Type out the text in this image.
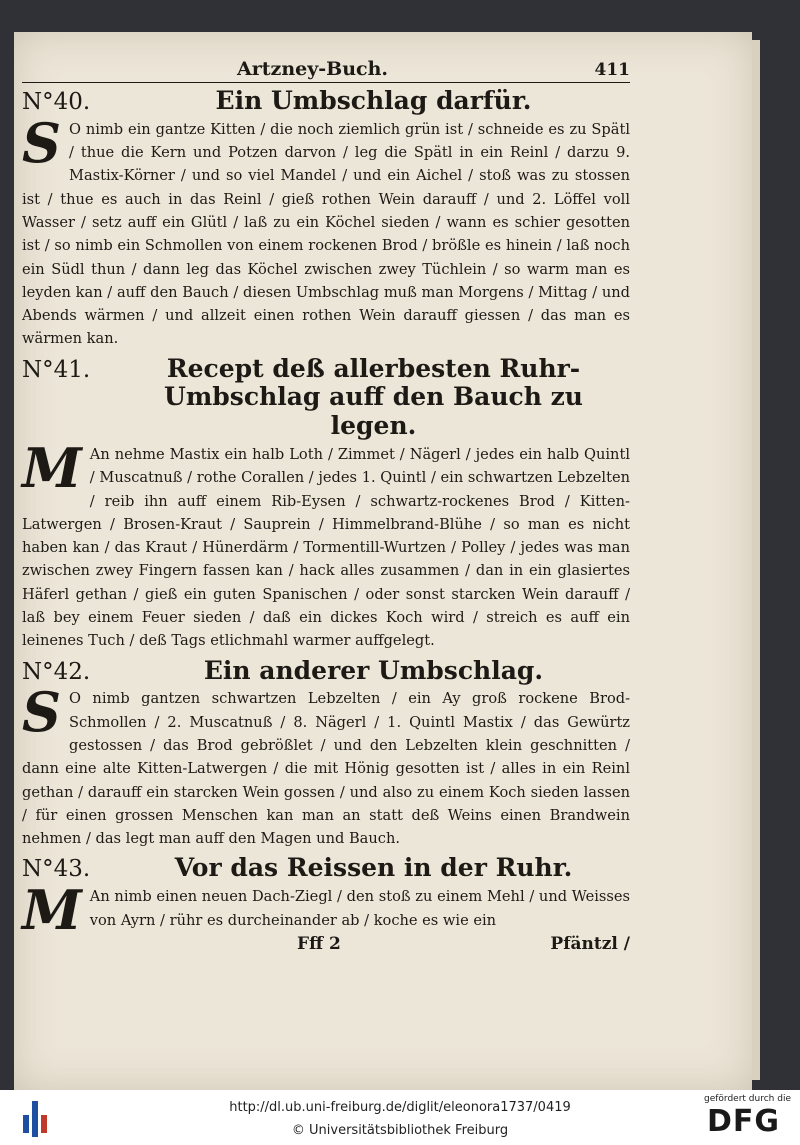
Artzney-Buch.	411
N°40.	Ein Umbschlag darfür.
S O nimb ein gantze Kitten / die noch ziemlich grün ist / schneide es zu Spätl / thue die Kern und Potzen darvon / leg die Spätl in ein Reinl / darzu 9. Mastix-Körner / und so viel Mandel / und ein Aichel / stoß was zu stossen ist / thue es auch in das Reinl / gieß rothen Wein darauff / und 2. Löffel voll Wasser / setz auff ein Glütl / laß zu ein Köchel sieden / wann es schier gesotten ist / so nimb ein Schmollen von einem rockenen Brod / brößle es hinein / laß noch ein Südl thun / dann leg das Köchel zwischen zwey Tüchlein / so warm man es leyden kan / auff den Bauch / diesen Umbschlag muß man Morgens / Mittag / und Abends wärmen / und allzeit einen rothen Wein darauff giessen / das man es wärmen kan.
N°41.	Recept deß allerbesten Ruhr-Umbschlag auff den Bauch zu legen.
M An nehme Mastix ein halb Loth / Zimmet / Nägerl / jedes ein halb Quintl / Muscatnuß / rothe Corallen / jedes 1. Quintl / ein schwartzen Lebzelten / reib ihn auff einem Rib-Eysen / schwartz-rockenes Brod / Kitten-Latwergen / Brosen-Kraut / Sauprein / Himmelbrand-Blühe / so man es nicht haben kan / das Kraut / Hünerdärm / Tormentill-Wurtzen / Polley / jedes was man zwischen zwey Fingern fassen kan / hack alles zusammen / dan in ein glasiertes Häferl gethan / gieß ein guten Spanischen / oder sonst starcken Wein darauff / laß bey einem Feuer sieden / daß ein dickes Koch wird / streich es auff ein leinenes Tuch / deß Tags etlichmahl warmer auffgelegt.
N°42.	Ein anderer Umbschlag.
S O nimb gantzen schwartzen Lebzelten / ein Ay groß rockene Brod-Schmollen / 2. Muscatnuß / 8. Nägerl / 1. Quintl Mastix / das Gewürtz gestossen / das Brod gebrößlet / und den Lebzelten klein geschnitten / dann eine alte Kitten-Latwergen / die mit Hönig gesotten ist / alles in ein Reinl gethan / darauff ein starcken Wein gossen / und also zu einem Koch sieden lassen / für einen grossen Menschen kan man an statt deß Weins einen Brandwein nehmen / das legt man auff den Magen und Bauch.
N°43.	Vor das Reissen in der Ruhr.
M An nimb einen neuen Dach-Ziegl / den stoß zu einem Mehl / und Weisses von Ayrn / rühr es durcheinander ab / koche es wie ein
Fff 2	Pfäntzl /
http://dl.ub.uni-freiburg.de/diglit/eleonora1737/0419
© Universitätsbibliothek Freiburg
gefördert durch die
DFG
